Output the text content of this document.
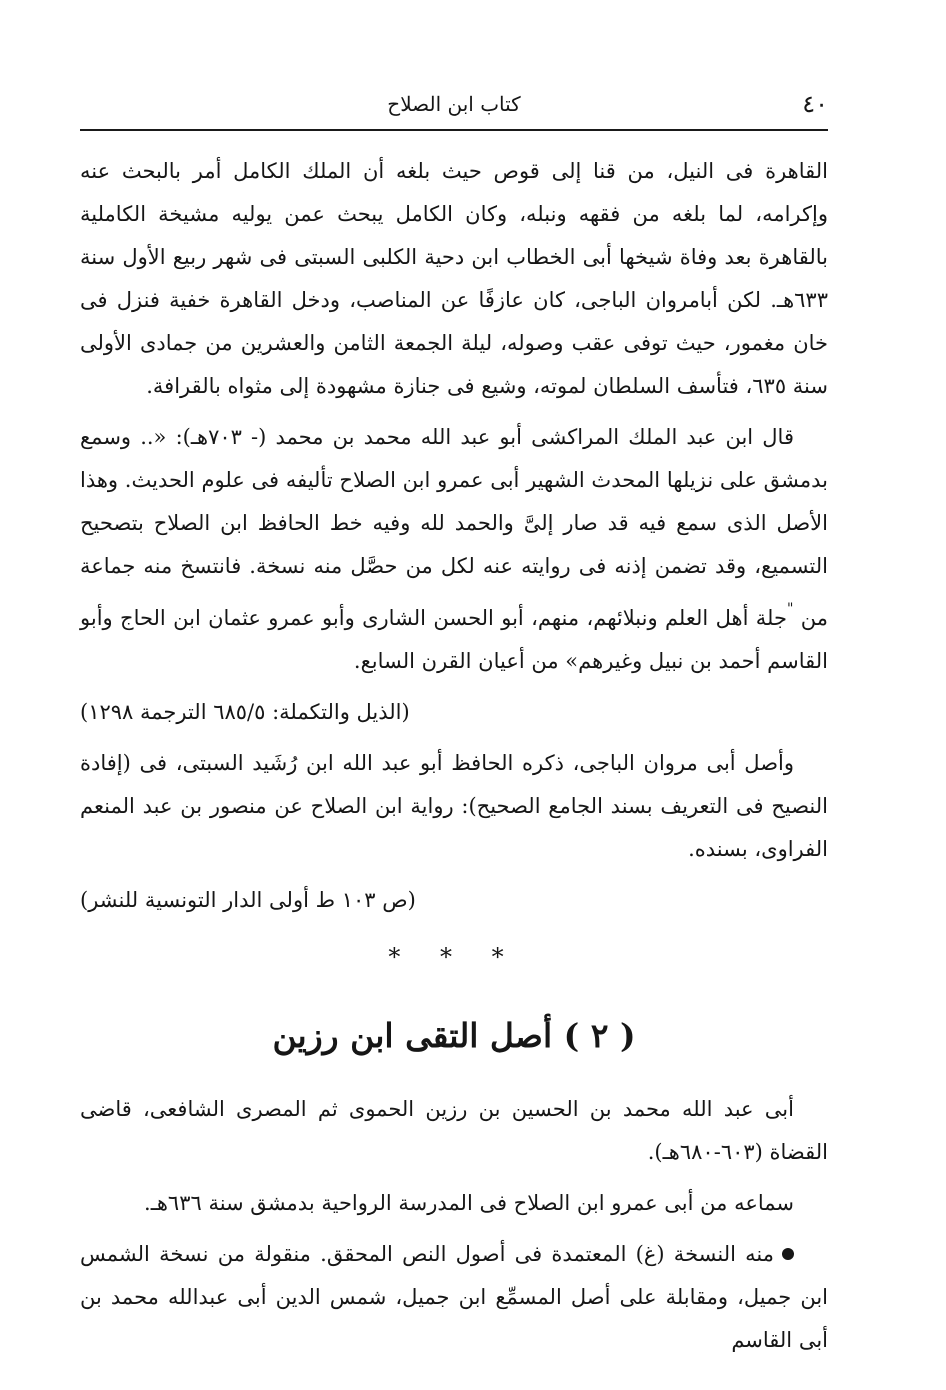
٤٠
كتاب ابن الصلاح

القاهرة فى النيل، من قنا إلى قوص حيث بلغه أن الملك الكامل أمر بالبحث عنه وإكرامه، لما بلغه من فقهه ونبله، وكان الكامل يبحث عمن يوليه مشيخة الكاملية بالقاهرة بعد وفاة شيخها أبى الخطاب ابن دحية الكلبى السبتى فى شهر ربيع الأول سنة ٦٣٣هـ. لكن أبامروان الباجى، كان عازفًا عن المناصب، ودخل القاهرة خفية فنزل فى خان مغمور، حيث توفى عقب وصوله، ليلة الجمعة الثامن والعشرين من جمادى الأولى سنة ٦٣٥، فتأسف السلطان لموته، وشيع فى جنازة مشهودة إلى مثواه بالقرافة.

قال ابن عبد الملك المراكشى أبو عبد الله محمد بن محمد (- ٧٠٣هـ): «.. وسمع بدمشق على نزيلها المحدث الشهير أبى عمرو ابن الصلاح تأليفه فى علوم الحديث. وهذا الأصل الذى سمع فيه قد صار إلىَّ والحمد لله وفيه خط الحافظ ابن الصلاح بتصحيح التسميع، وقد تضمن إذنه فى روايته عنه لكل من حصَّل منه نسخة. فانتسخ منه جماعة من "جلة أهل العلم ونبلائهم، منهم، أبو الحسن الشارى وأبو عمرو عثمان ابن الحاج وأبو القاسم أحمد بن نبيل وغيرهم» من أعيان القرن السابع.

(الذيل والتكملة: ٦٨٥/٥ الترجمة ١٢٩٨)

وأصل أبى مروان الباجى، ذكره الحافظ أبو عبد الله ابن رُشَيد السبتى، فى (إفادة النصيح فى التعريف بسند الجامع الصحيح): رواية ابن الصلاح عن منصور بن عبد المنعم الفراوى، بسنده.

(ص ١٠٣ ط أولى الدار التونسية للنشر)
* * *
( ٢ ) أصل التقى ابن رزين

أبى عبد الله محمد بن الحسين بن رزين الحموى ثم المصرى الشافعى، قاضى القضاة (٦٠٣-٦٨٠هـ).

سماعه من أبى عمرو ابن الصلاح فى المدرسة الرواحية بدمشق سنة ٦٣٦هـ.

منه النسخة (غ) المعتمدة فى أصول النص المحقق. منقولة من نسخة الشمس ابن جميل، ومقابلة على أصل المسمِّع ابن جميل، شمس الدين أبى عبدالله محمد بن أبى القاسم
